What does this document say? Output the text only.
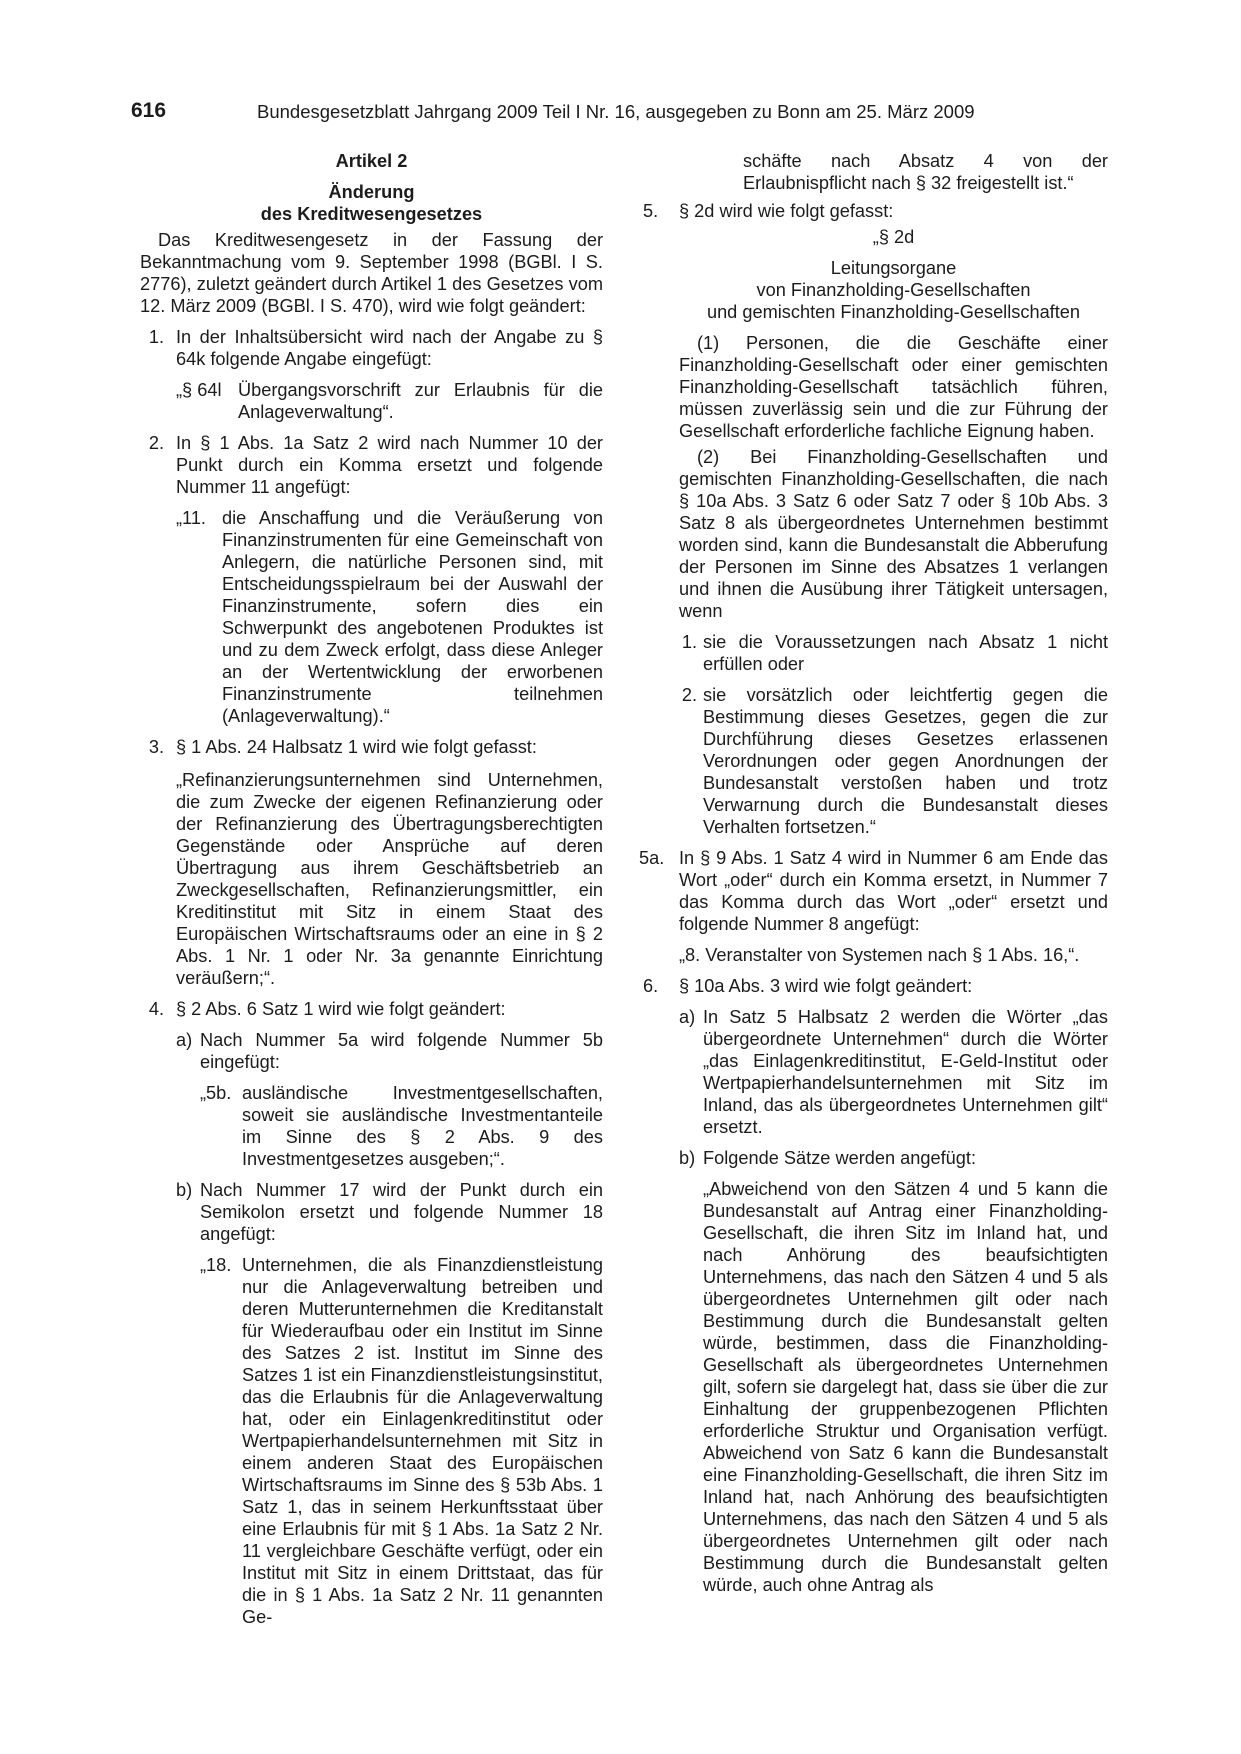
616	Bundesgesetzblatt Jahrgang 2009 Teil I Nr. 16, ausgegeben zu Bonn am 25. März 2009

Artikel 2

Änderung

des Kreditwesengesetzes

Das Kreditwesengesetz in der Fassung der Bekanntmachung vom 9. September 1998 (BGBl. I S. 2776), zuletzt geändert durch Artikel 1 des Gesetzes vom 12. März 2009 (BGBl. I S. 470), wird wie folgt geändert:

1. In der Inhaltsübersicht wird nach der Angabe zu § 64k folgende Angabe eingefügt:
„§ 64l Übergangsvorschrift zur Erlaubnis für die Anlageverwaltung“.
2. In § 1 Abs. 1a Satz 2 wird nach Nummer 10 der Punkt durch ein Komma ersetzt und folgende Nummer 11 angefügt:
„11. die Anschaffung und die Veräußerung von Finanzinstrumenten für eine Gemeinschaft von Anlegern, die natürliche Personen sind, mit Entscheidungsspielraum bei der Auswahl der Finanzinstrumente, sofern dies ein Schwerpunkt des angebotenen Produktes ist und zu dem Zweck erfolgt, dass diese Anleger an der Wertentwicklung der erworbenen Finanzinstrumente teilnehmen (Anlageverwaltung).“
3. § 1 Abs. 24 Halbsatz 1 wird wie folgt gefasst:

„Refinanzierungsunternehmen sind Unternehmen, die zum Zwecke der eigenen Refinanzierung oder der Refinanzierung des Übertragungsberechtigten Gegenstände oder Ansprüche auf deren Übertragung aus ihrem Geschäftsbetrieb an Zweckgesellschaften, Refinanzierungsmittler, ein Kreditinstitut mit Sitz in einem Staat des Europäischen Wirtschaftsraums oder an eine in § 2 Abs. 1 Nr. 1 oder Nr. 3a genannte Einrichtung veräußern;“.

4. § 2 Abs. 6 Satz 1 wird wie folgt geändert:
a) Nach Nummer 5a wird folgende Nummer 5b eingefügt:
„5b. ausländische Investmentgesellschaften, soweit sie ausländische Investmentanteile im Sinne des § 2 Abs. 9 des Investmentgesetzes ausgeben;“.
b) Nach Nummer 17 wird der Punkt durch ein Semikolon ersetzt und folgende Nummer 18 angefügt:
„18. Unternehmen, die als Finanzdienstleistung nur die Anlageverwaltung betreiben und deren Mutterunternehmen die Kreditanstalt für Wiederaufbau oder ein Institut im Sinne des Satzes 2 ist. Institut im Sinne des Satzes 1 ist ein Finanzdienstleistungsinstitut, das die Erlaubnis für die Anlageverwaltung hat, oder ein Einlagenkreditinstitut oder Wertpapierhandelsunternehmen mit Sitz in einem anderen Staat des Europäischen Wirtschaftsraums im Sinne des § 53b Abs. 1 Satz 1, das in seinem Herkunftsstaat über eine Erlaubnis für mit § 1 Abs. 1a Satz 2 Nr. 11 vergleichbare Geschäfte verfügt, oder ein Institut mit Sitz in einem Drittstaat, das für die in § 1 Abs. 1a Satz 2 Nr. 11 genannten Ge-

schäfte nach Absatz 4 von der Erlaubnispflicht nach § 32 freigestellt ist.“

5. § 2d wird wie folgt gefasst:

„§ 2d

Leitungsorgane

von Finanzholding-Gesellschaften

und gemischten Finanzholding-Gesellschaften

(1) Personen, die die Geschäfte einer Finanzholding-Gesellschaft oder einer gemischten Finanzholding-Gesellschaft tatsächlich führen, müssen zuverlässig sein und die zur Führung der Gesellschaft erforderliche fachliche Eignung haben.

(2) Bei Finanzholding-Gesellschaften und gemischten Finanzholding-Gesellschaften, die nach § 10a Abs. 3 Satz 6 oder Satz 7 oder § 10b Abs. 3 Satz 8 als übergeordnetes Unternehmen bestimmt worden sind, kann die Bundesanstalt die Abberufung der Personen im Sinne des Absatzes 1 verlangen und ihnen die Ausübung ihrer Tätigkeit untersagen, wenn

1. sie die Voraussetzungen nach Absatz 1 nicht erfüllen oder
2. sie vorsätzlich oder leichtfertig gegen die Bestimmung dieses Gesetzes, gegen die zur Durchführung dieses Gesetzes erlassenen Verordnungen oder gegen Anordnungen der Bundesanstalt verstoßen haben und trotz Verwarnung durch die Bundesanstalt dieses Verhalten fortsetzen.“
5a. In § 9 Abs. 1 Satz 4 wird in Nummer 6 am Ende das Wort „oder“ durch ein Komma ersetzt, in Nummer 7 das Komma durch das Wort „oder“ ersetzt und folgende Nummer 8 angefügt:

„8. Veranstalter von Systemen nach § 1 Abs. 16,“.

6. § 10a Abs. 3 wird wie folgt geändert:
a) In Satz 5 Halbsatz 2 werden die Wörter „das übergeordnete Unternehmen“ durch die Wörter „das Einlagenkreditinstitut, E-Geld-Institut oder Wertpapierhandelsunternehmen mit Sitz im Inland, das als übergeordnetes Unternehmen gilt“ ersetzt.
b) Folgende Sätze werden angefügt:

„Abweichend von den Sätzen 4 und 5 kann die Bundesanstalt auf Antrag einer Finanzholding-Gesellschaft, die ihren Sitz im Inland hat, und nach Anhörung des beaufsichtigten Unternehmens, das nach den Sätzen 4 und 5 als übergeordnetes Unternehmen gilt oder nach Bestimmung durch die Bundesanstalt gelten würde, bestimmen, dass die Finanzholding-Gesellschaft als übergeordnetes Unternehmen gilt, sofern sie dargelegt hat, dass sie über die zur Einhaltung der gruppenbezogenen Pflichten erforderliche Struktur und Organisation verfügt. Abweichend von Satz 6 kann die Bundesanstalt eine Finanzholding-Gesellschaft, die ihren Sitz im Inland hat, nach Anhörung des beaufsichtigten Unternehmens, das nach den Sätzen 4 und 5 als übergeordnetes Unternehmen gilt oder nach Bestimmung durch die Bundesanstalt gelten würde, auch ohne Antrag als
